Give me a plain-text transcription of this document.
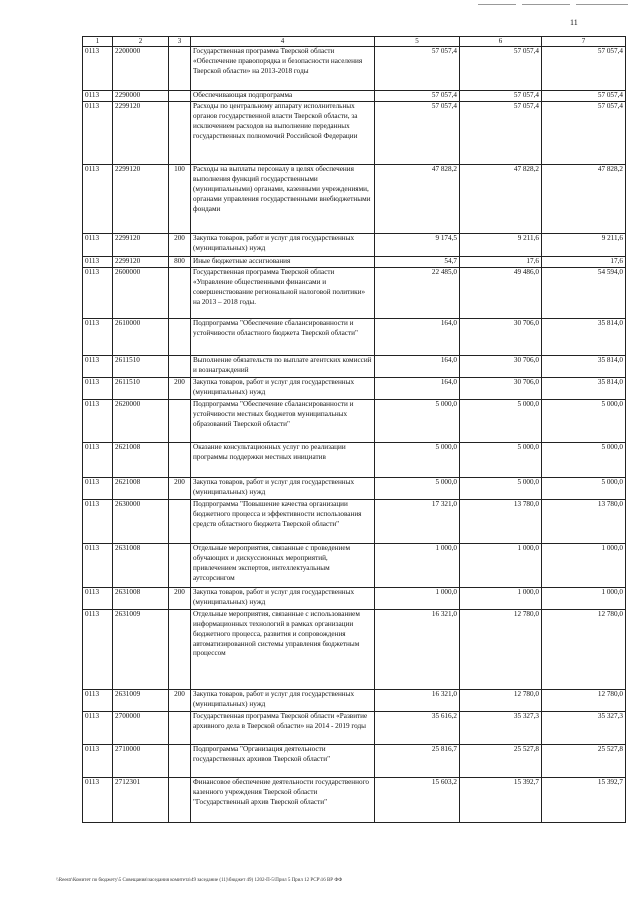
11
1	2	3	4	5	6	7
0113	2200000		Государственная программа Тверской области «Обеспечение правопорядка и безопасности населения Тверской области» на 2013-2018 годы	57 057,4	57 057,4	57 057,4
0113	2290000		Обеспечивающая подпрограмма	57 057,4	57 057,4	57 057,4
0113	2299120		Расходы по центральному аппарату исполнительных органов государственной власти Тверской области, за исключением расходов на выполнение переданных государственных полномочий Российской Федерации	57 057,4	57 057,4	57 057,4
0113	2299120	100	Расходы на выплаты персоналу в целях обеспечения выполнения функций государственными (муниципальными) органами, казенными учреждениями, органами управления государственными внебюджетными фондами	47 828,2	47 828,2	47 828,2
0113	2299120	200	Закупка товаров, работ и услуг для государственных (муниципальных) нужд	9 174,5	9 211,6	9 211,6
0113	2299120	800	Иные бюджетные ассигнования	54,7	17,6	17,6
0113	2600000		Государственная программа Тверской области «Управление общественными финансами и совершенствование региональной налоговой политики» на 2013 – 2018 годы.	22 485,0	49 486,0	54 594,0
0113	2610000		Подпрограмма "Обеспечение сбалансированности и устойчивости областного бюджета Тверской области"	164,0	30 706,0	35 814,0
0113	2611510		Выполнение обязательств по выплате агентских комиссий и вознаграждений	164,0	30 706,0	35 814,0
0113	2611510	200	Закупка товаров, работ и услуг для государственных (муниципальных) нужд	164,0	30 706,0	35 814,0
0113	2620000		Подпрограмма "Обеспечение сбалансированности и устойчивости местных бюджетов муниципальных образований Тверской области"	5 000,0	5 000,0	5 000,0
0113	2621008		Оказание консультационных услуг по реализации программы поддержки местных инициатив	5 000,0	5 000,0	5 000,0
0113	2621008	200	Закупка товаров, работ и услуг для государственных (муниципальных) нужд	5 000,0	5 000,0	5 000,0
0113	2630000		Подпрограмма "Повышение качества организации бюджетного процесса и эффективности использования средств областного бюджета Тверской области"	17 321,0	13 780,0	13 780,0
0113	2631008		Отдельные мероприятия, связанные с проведением обучающих и дискуссионных мероприятий, привлечением экспертов, интеллектуальным аутсорсингом	1 000,0	1 000,0	1 000,0
0113	2631008	200	Закупка товаров, работ и услуг для государственных (муниципальных) нужд	1 000,0	1 000,0	1 000,0
0113	2631009		Отдельные мероприятия, связанные с использованием информационных технологий в рамках организации бюджетного процесса, развития и сопровождения автоматизированной системы управления бюджетным процессом	16 321,0	12 780,0	12 780,0
0113	2631009	200	Закупка товаров, работ и услуг для государственных (муниципальных) нужд	16 321,0	12 780,0	12 780,0
0113	2700000		Государственная программа Тверской области «Развитие архивного дела в Тверской области» на 2014 - 2019 годы	35 616,2	35 327,3	35 327,3
0113	2710000		Подпрограмма "Организация деятельности государственных архивов Тверской области"	25 816,7	25 527,8	25 527,8
0113	2712301		Финансовое обеспечение деятельности государственного казенного учреждения Тверской области "Государственный архив Тверской области"	15 603,2	15 392,7	15 392,7
\\Reestr\Комитет по бюджету\5 Совещания\заседания комитета\49 заседание (11)\бюджет 49) 1202-П-5\Прил 5 Прил 12 РСР\16 ВР ФФ
